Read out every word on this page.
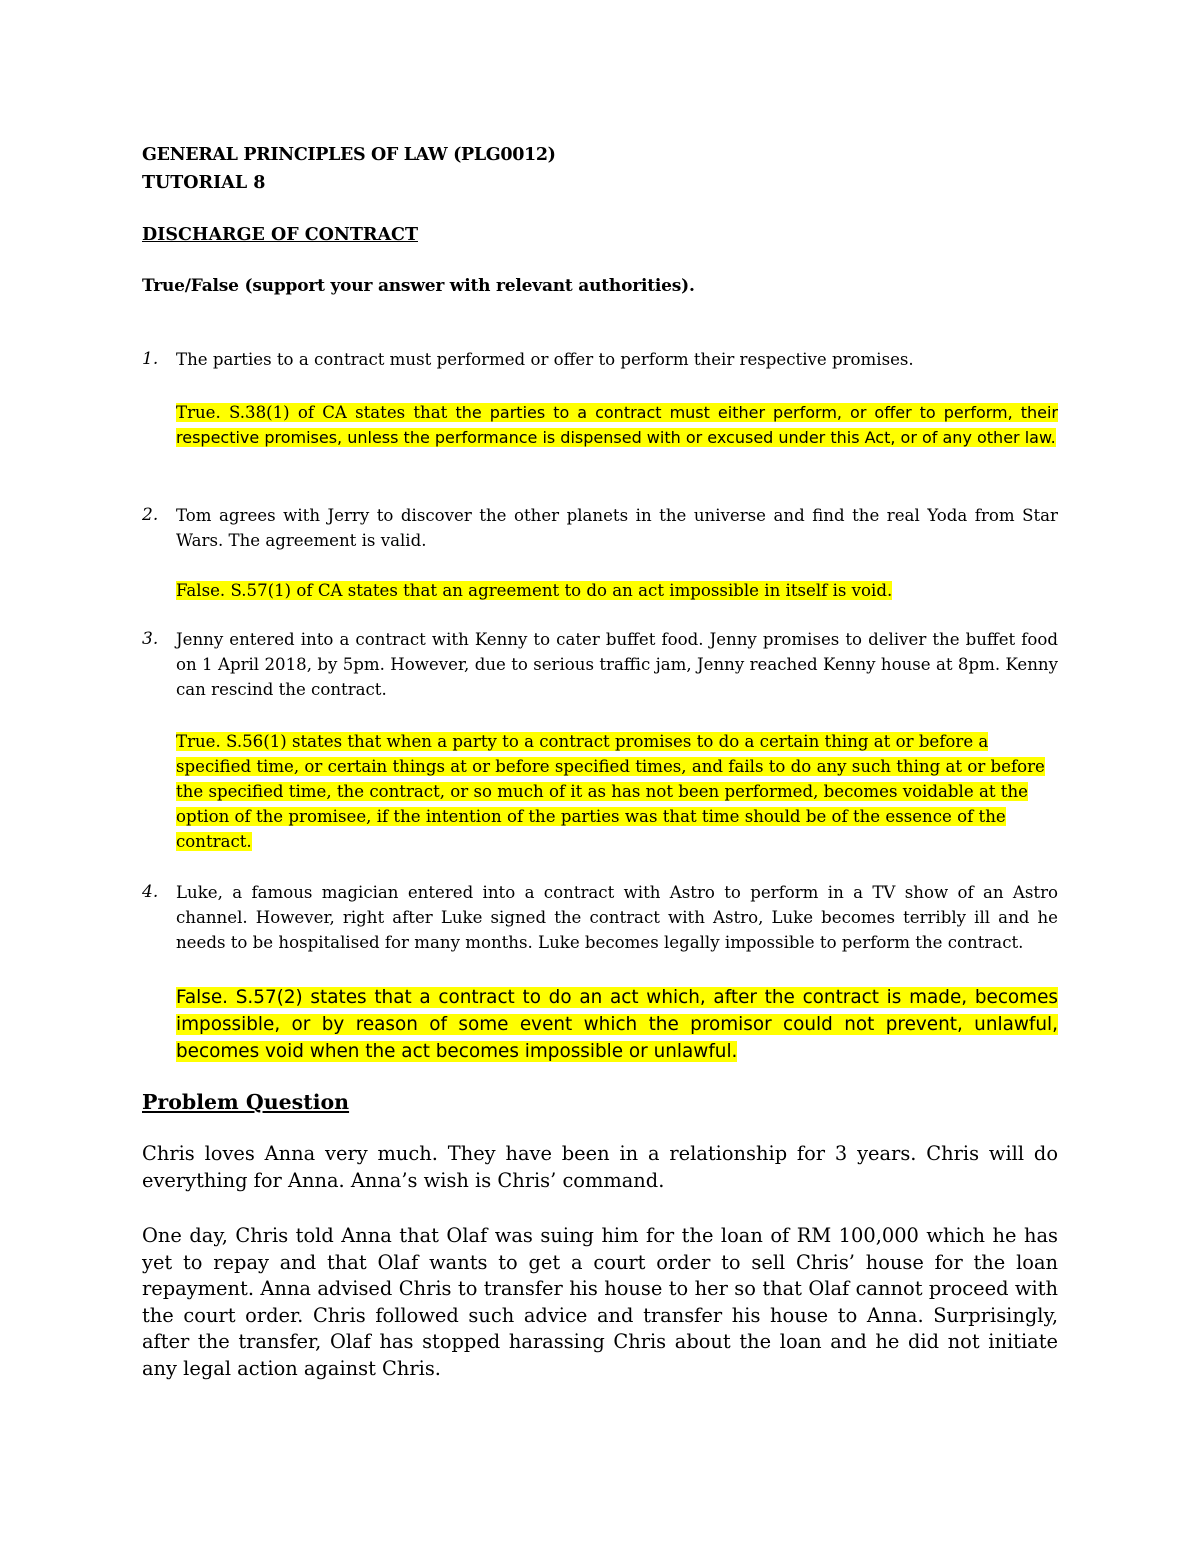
GENERAL PRINCIPLES OF LAW (PLG0012)
TUTORIAL 8
DISCHARGE OF CONTRACT
True/False (support your answer with relevant authorities).
1. The parties to a contract must performed or offer to perform their respective promises.
True. S.38(1) of CA states that the parties to a contract must either perform, or offer to perform, their respective promises, unless the performance is dispensed with or excused under this Act, or of any other law.
2. Tom agrees with Jerry to discover the other planets in the universe and find the real Yoda from Star Wars. The agreement is valid.
False. S.57(1) of CA states that an agreement to do an act impossible in itself is void.
3. Jenny entered into a contract with Kenny to cater buffet food. Jenny promises to deliver the buffet food on 1 April 2018, by 5pm. However, due to serious traffic jam, Jenny reached Kenny house at 8pm. Kenny can rescind the contract.
True. S.56(1) states that when a party to a contract promises to do a certain thing at or before a specified time, or certain things at or before specified times, and fails to do any such thing at or before the specified time, the contract, or so much of it as has not been performed, becomes voidable at the option of the promisee, if the intention of the parties was that time should be of the essence of the contract.
4. Luke, a famous magician entered into a contract with Astro to perform in a TV show of an Astro channel. However, right after Luke signed the contract with Astro, Luke becomes terribly ill and he needs to be hospitalised for many months. Luke becomes legally impossible to perform the contract.
False. S.57(2) states that a contract to do an act which, after the contract is made, becomes impossible, or by reason of some event which the promisor could not prevent, unlawful, becomes void when the act becomes impossible or unlawful.
Problem Question
Chris loves Anna very much. They have been in a relationship for 3 years. Chris will do everything for Anna. Anna’s wish is Chris’ command.
One day, Chris told Anna that Olaf was suing him for the loan of RM 100,000 which he has yet to repay and that Olaf wants to get a court order to sell Chris’ house for the loan repayment. Anna advised Chris to transfer his house to her so that Olaf cannot proceed with the court order. Chris followed such advice and transfer his house to Anna. Surprisingly, after the transfer, Olaf has stopped harassing Chris about the loan and he did not initiate any legal action against Chris.
